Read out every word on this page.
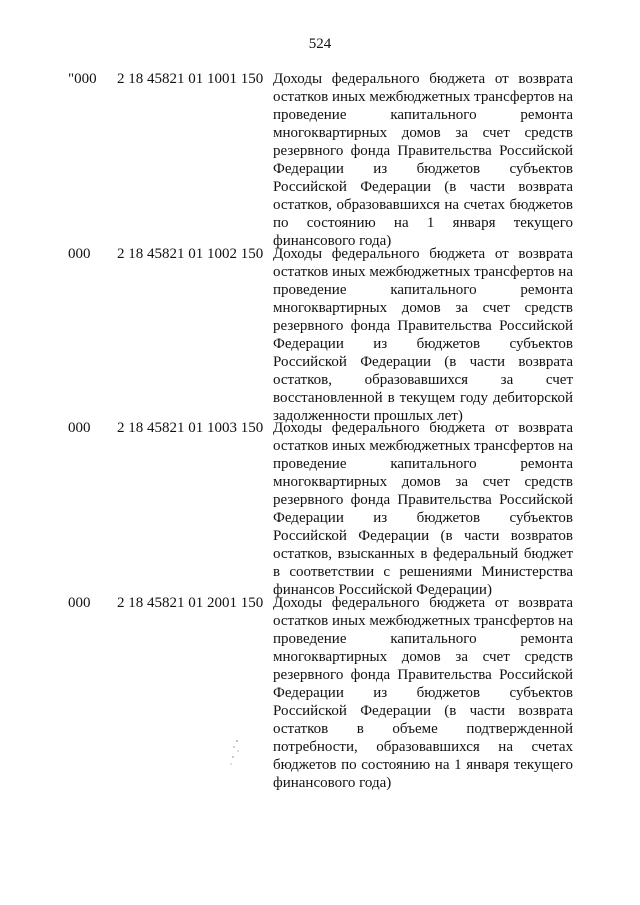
524
"000 2 18 45821 01 1001 150 Доходы федерального бюджета от возврата
остатков иных межбюджетных трансфертов на
проведение капитального ремонта
многоквартирных домов за счет средств
резервного фонда Правительства Российской
Федерации из бюджетов субъектов
Российской Федерации (в части возврата
остатков, образовавшихся на счетах бюджетов
по состоянию на 1 января текущего
финансового года)
000 2 18 45821 01 1002 150 Доходы федерального бюджета от возврата
остатков иных межбюджетных трансфертов на
проведение капитального ремонта
многоквартирных домов за счет средств
резервного фонда Правительства Российской
Федерации из бюджетов субъектов
Российской Федерации (в части возврата
остатков, образовавшихся за счет
восстановленной в текущем году дебиторской
задолженности прошлых лет)
000 2 18 45821 01 1003 150 Доходы федерального бюджета от возврата
остатков иных межбюджетных трансфертов на
проведение капитального ремонта
многоквартирных домов за счет средств
резервного фонда Правительства Российской
Федерации из бюджетов субъектов
Российской Федерации (в части возвратов
остатков, взысканных в федеральный бюджет
в соответствии с решениями Министерства
финансов Российской Федерации)
000 2 18 45821 01 2001 150 Доходы федерального бюджета от возврата
остатков иных межбюджетных трансфертов на
проведение капитального ремонта
многоквартирных домов за счет средств
резервного фонда Правительства Российской
Федерации из бюджетов субъектов
Российской Федерации (в части возврата
остатков в объеме подтвержденной
потребности, образовавшихся на счетах
бюджетов по состоянию на 1 января текущего
финансового года)
